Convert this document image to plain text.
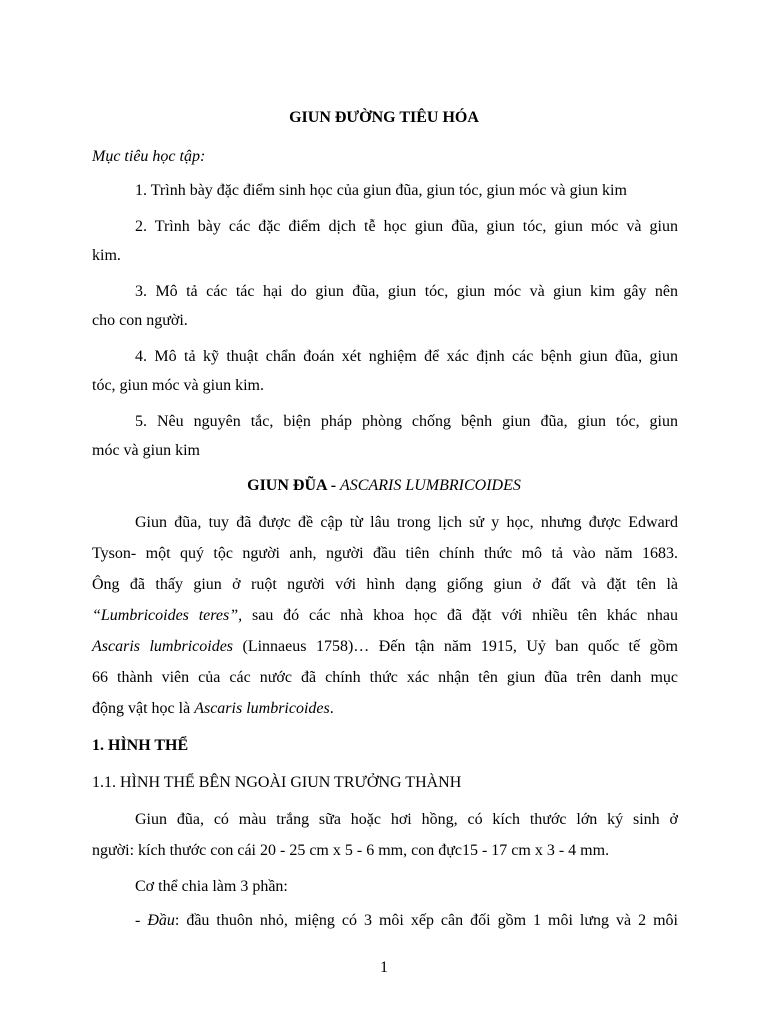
GIUN ĐƯỜNG TIÊU HÓA
Mục tiêu học tập:
1. Trình bày đặc điểm sinh học của giun đũa, giun tóc, giun móc và giun kim
2. Trình bày các đặc điểm dịch tễ học giun đũa, giun tóc, giun móc và giun
kim.
3. Mô tả các tác hại do giun đũa, giun tóc, giun móc và giun kim gây nên
cho con người.
4. Mô tả kỹ thuật chẩn đoán xét nghiệm để xác định các bệnh giun đũa, giun
tóc, giun móc và giun kim.
5. Nêu nguyên tắc, biện pháp phòng chống bệnh giun đũa, giun tóc, giun
móc và giun kim
GIUN ĐŨA - ASCARIS LUMBRICOIDES
Giun đũa, tuy đã được đề cập từ lâu trong lịch sử y học, nhưng được Edward
Tyson- một quý tộc người anh, người đầu tiên chính thức mô tả vào năm 1683.
Ông đã thấy giun ở ruột người với hình dạng giống giun ở đất và đặt tên là
“Lumbricoides teres”, sau đó các nhà khoa học đã đặt với nhiều tên khác nhau
Ascaris lumbricoides (Linnaeus 1758)… Đến tận năm 1915, Uỷ ban quốc tế gồm
66 thành viên của các nước đã chính thức xác nhận tên giun đũa trên danh mục
động vật học là Ascaris lumbricoides.
1. HÌNH THỂ
1.1. HÌNH THỂ BÊN NGOÀI GIUN TRƯỞNG THÀNH
Giun đũa, có màu trắng sữa hoặc hơi hồng, có kích thước lớn ký sinh ở
người: kích thước con cái 20 - 25 cm x 5 - 6 mm, con đực15 - 17 cm x 3 - 4 mm.
Cơ thể chia làm 3 phần:
- Đầu: đầu thuôn nhỏ, miệng có 3 môi xếp cân đối gồm 1 môi lưng và 2 môi
1
